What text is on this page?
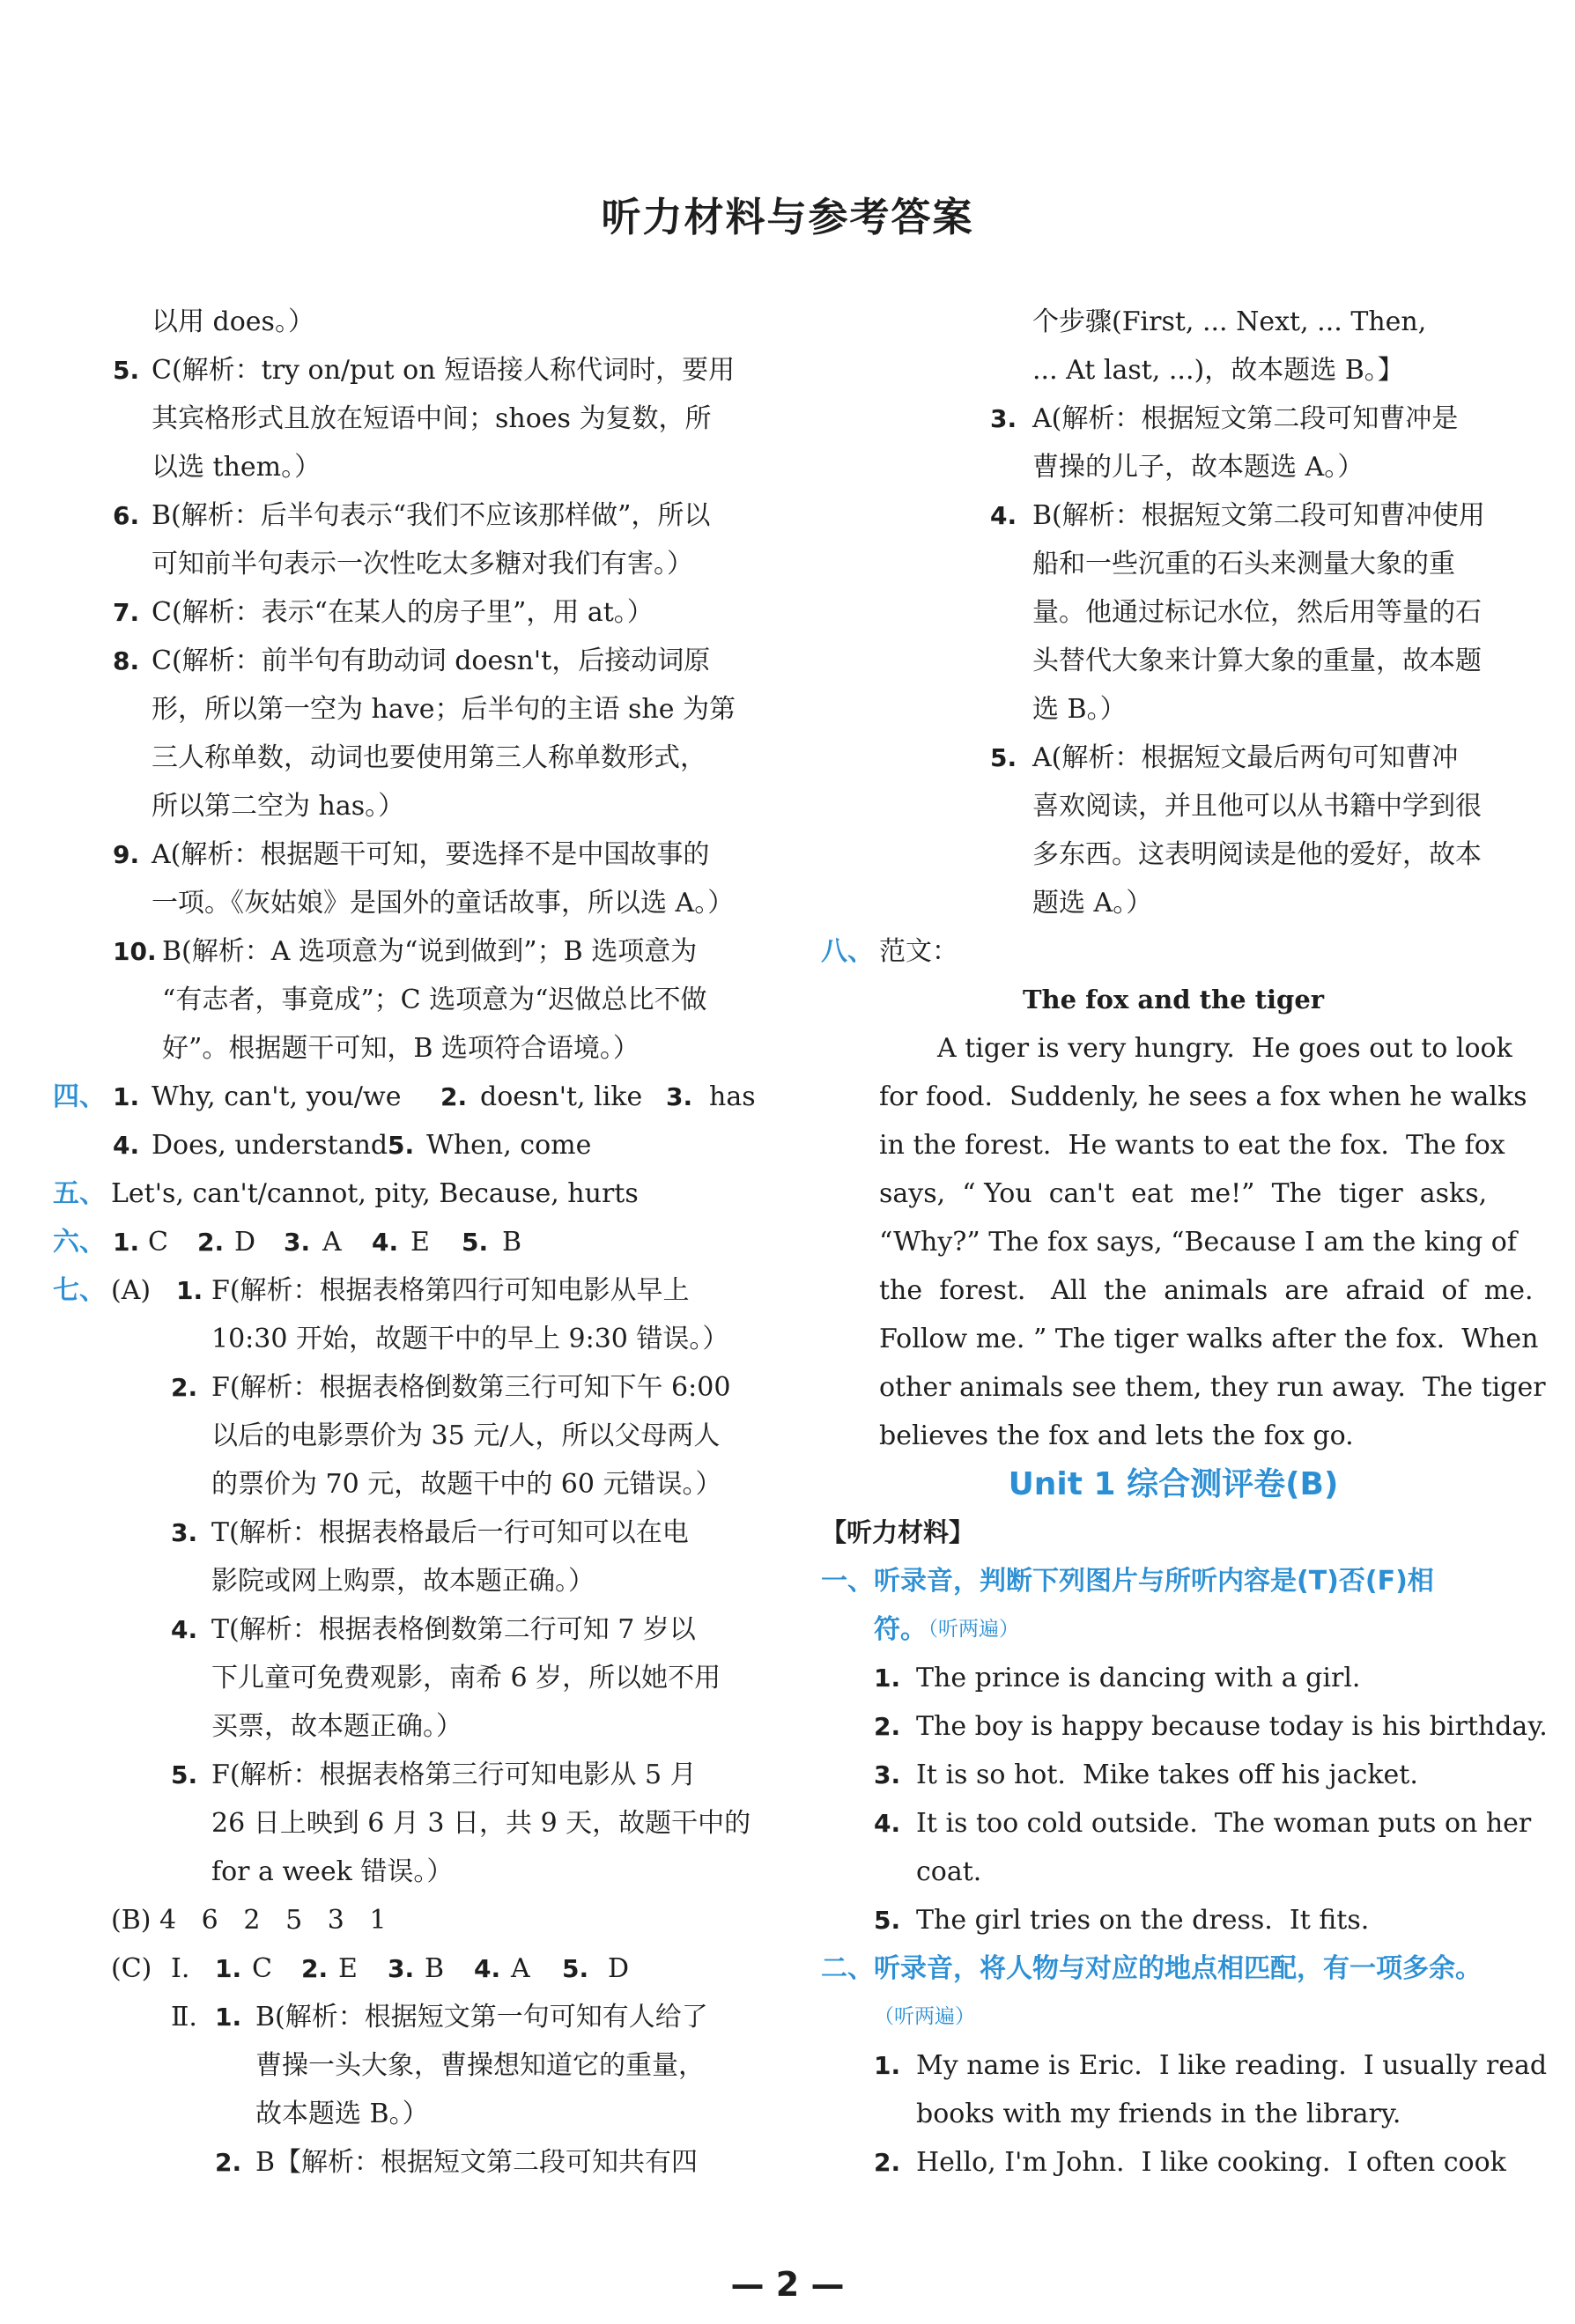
听力材料与参考答案
以用 does。）
5. C(解析：try on/put on 短语接人称代词时，要用
其宾格形式且放在短语中间；shoes 为复数，所
以选 them。）
6. B(解析：后半句表示“我们不应该那样做”，所以
可知前半句表示一次性吃太多糖对我们有害。）
7. C(解析：表示“在某人的房子里”，用 at。）
8. C(解析：前半句有助动词 doesn't，后接动词原
形，所以第一空为 have；后半句的主语 she 为第
三人称单数，动词也要使用第三人称单数形式，
所以第二空为 has。）
9. A(解析：根据题干可知，要选择不是中国故事的
一项。《灰姑娘》是国外的童话故事，所以选 A。）
10. B(解析：A 选项意为“说到做到”；B 选项意为
“有志者，事竟成”；C 选项意为“迟做总比不做
好”。根据题干可知，B 选项符合语境。）
四、 1. Why, can't, you/we 2. doesn't, like 3. has
4. Does, understand 5. When, come
五、 Let's, can't/cannot, pity, Because, hurts
六、 1. C 2. D 3. A 4. E 5. B
七、 (A) 1. F(解析：根据表格第四行可知电影从早上
10:30 开始，故题干中的早上 9:30 错误。）
2. F(解析：根据表格倒数第三行可知下午 6:00
以后的电影票价为 35 元/人，所以父母两人
的票价为 70 元，故题干中的 60 元错误。）
3. T(解析：根据表格最后一行可知可以在电
影院或网上购票，故本题正确。）
4. T(解析：根据表格倒数第二行可知 7 岁以
下儿童可免费观影，南希 6 岁，所以她不用
买票，故本题正确。）
5. F(解析：根据表格第三行可知电影从 5 月
26 日上映到 6 月 3 日，共 9 天，故题干中的
for a week 错误。）
(B) 4   6   2   5   3   1
(C) Ⅰ. 1. C 2. E 3. B 4. A 5. D
Ⅱ. 1. B(解析：根据短文第一句可知有人给了
曹操一头大象，曹操想知道它的重量，
故本题选 B。）
2. B【解析：根据短文第二段可知共有四
个步骤(First, ... Next, ... Then,
... At last, ...)，故本题选 B。】
3. A(解析：根据短文第二段可知曹冲是
曹操的儿子，故本题选 A。）
4. B(解析：根据短文第二段可知曹冲使用
船和一些沉重的石头来测量大象的重
量。他通过标记水位，然后用等量的石
头替代大象来计算大象的重量，故本题
选 B。）
5. A(解析：根据短文最后两句可知曹冲
喜欢阅读，并且他可以从书籍中学到很
多东西。这表明阅读是他的爱好，故本
题选 A。）
八、 范文：
The fox and the tiger
A tiger is very hungry.  He goes out to look
for food.  Suddenly, he sees a fox when he walks
in the forest.  He wants to eat the fox.  The fox
says,  “ You  can't  eat  me!”  The  tiger  asks,
“Why?” The fox says, “Because I am the king of
the  forest.   All  the  animals  are  afraid  of  me.
Follow me. ” The tiger walks after the fox.  When
other animals see them, they run away.  The tiger
believes the fox and lets the fox go.
Unit 1 综合测评卷(B)
【听力材料】
一、 听录音，判断下列图片与所听内容是(T)否(F)相
符。
（听两遍）
1. The prince is dancing with a girl.
2. The boy is happy because today is his birthday.
3. It is so hot.  Mike takes off his jacket.
4. It is too cold outside.  The woman puts on her
coat.
5. The girl tries on the dress.  It fits.
二、 听录音，将人物与对应的地点相匹配，有一项多余。
（听两遍）
1. My name is Eric.  I like reading.  I usually read
books with my friends in the library.
2. Hello, I'm John.  I like cooking.  I often cook
— 2 —
